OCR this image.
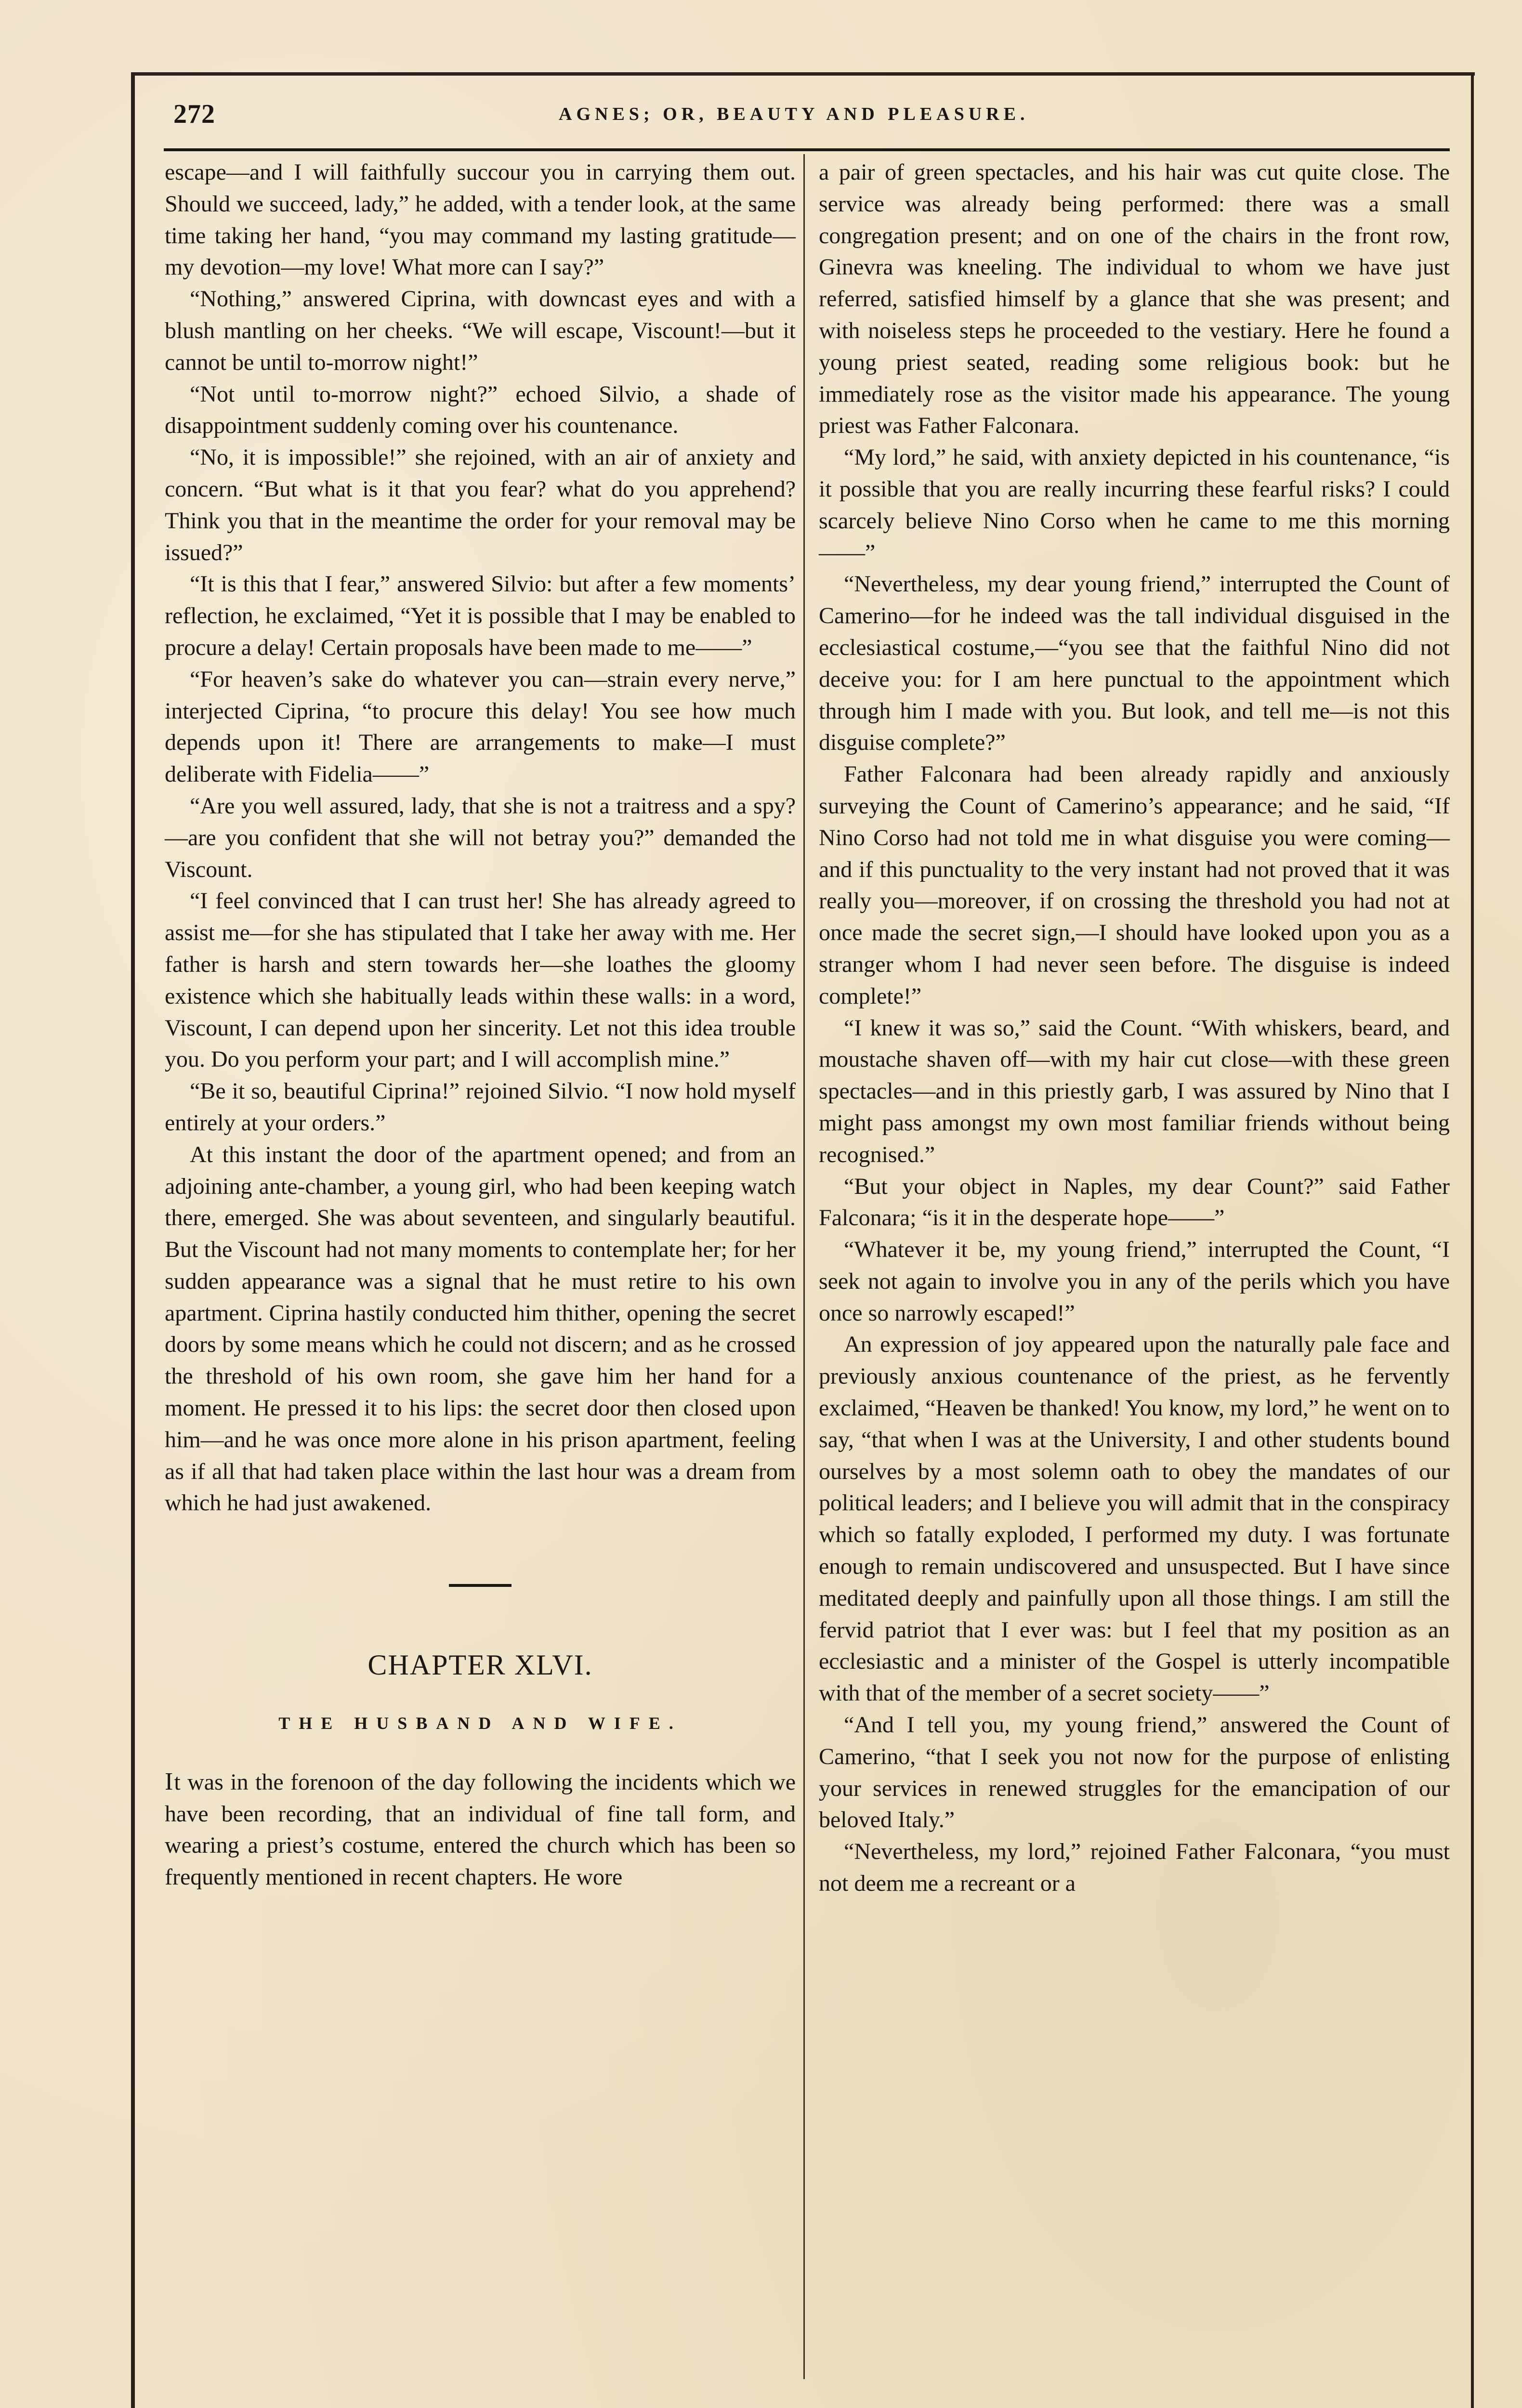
272	AGNES; OR, BEAUTY AND PLEASURE.

escape—and I will faithfully succour you in carrying them out. Should we succeed, lady,” he added, with a tender look, at the same time taking her hand, “you may command my lasting gratitude—my devotion—my love! What more can I say?”

“Nothing,” answered Ciprina, with downcast eyes and with a blush mantling on her cheeks. “We will escape, Viscount!—but it cannot be until to-morrow night!”

“Not until to-morrow night?” echoed Silvio, a shade of disappointment suddenly coming over his countenance.

“No, it is impossible!” she rejoined, with an air of anxiety and concern. “But what is it that you fear? what do you apprehend? Think you that in the meantime the order for your removal may be issued?”

“It is this that I fear,” answered Silvio: but after a few moments’ reflection, he exclaimed, “Yet it is possible that I may be enabled to procure a delay! Certain proposals have been made to me——”

“For heaven’s sake do whatever you can—strain every nerve,” interjected Ciprina, “to procure this delay! You see how much depends upon it! There are arrangements to make—I must deliberate with Fidelia——”

“Are you well assured, lady, that she is not a traitress and a spy?—are you confident that she will not betray you?” demanded the Viscount.

“I feel convinced that I can trust her! She has already agreed to assist me—for she has stipulated that I take her away with me. Her father is harsh and stern towards her—she loathes the gloomy existence which she habitually leads within these walls: in a word, Viscount, I can depend upon her sincerity. Let not this idea trouble you. Do you perform your part; and I will accomplish mine.”

“Be it so, beautiful Ciprina!” rejoined Silvio. “I now hold myself entirely at your orders.”

At this instant the door of the apartment opened; and from an adjoining ante-chamber, a young girl, who had been keeping watch there, emerged. She was about seventeen, and singularly beautiful. But the Viscount had not many moments to contemplate her; for her sudden appearance was a signal that he must retire to his own apartment. Ciprina hastily conducted him thither, opening the secret doors by some means which he could not discern; and as he crossed the threshold of his own room, she gave him her hand for a moment. He pressed it to his lips: the secret door then closed upon him—and he was once more alone in his prison apartment, feeling as if all that had taken place within the last hour was a dream from which he had just awakened.

CHAPTER XLVI.

THE HUSBAND AND WIFE.

It was in the forenoon of the day following the incidents which we have been recording, that an individual of fine tall form, and wearing a priest’s costume, entered the church which has been so frequently mentioned in recent chapters. He wore

a pair of green spectacles, and his hair was cut quite close. The service was already being performed: there was a small congregation present; and on one of the chairs in the front row, Ginevra was kneeling. The individual to whom we have just referred, satisfied himself by a glance that she was present; and with noiseless steps he proceeded to the vestiary. Here he found a young priest seated, reading some religious book: but he immediately rose as the visitor made his appearance. The young priest was Father Falconara.

“My lord,” he said, with anxiety depicted in his countenance, “is it possible that you are really incurring these fearful risks? I could scarcely believe Nino Corso when he came to me this morning——”

“Nevertheless, my dear young friend,” interrupted the Count of Camerino—for he indeed was the tall individual disguised in the ecclesiastical costume,—“you see that the faithful Nino did not deceive you: for I am here punctual to the appointment which through him I made with you. But look, and tell me—is not this disguise complete?”

Father Falconara had been already rapidly and anxiously surveying the Count of Camerino’s appearance; and he said, “If Nino Corso had not told me in what disguise you were coming—and if this punctuality to the very instant had not proved that it was really you—moreover, if on crossing the threshold you had not at once made the secret sign,—I should have looked upon you as a stranger whom I had never seen before. The disguise is indeed complete!”

“I knew it was so,” said the Count. “With whiskers, beard, and moustache shaven off—with my hair cut close—with these green spectacles—and in this priestly garb, I was assured by Nino that I might pass amongst my own most familiar friends without being recognised.”

“But your object in Naples, my dear Count?” said Father Falconara; “is it in the desperate hope——”

“Whatever it be, my young friend,” interrupted the Count, “I seek not again to involve you in any of the perils which you have once so narrowly escaped!”

An expression of joy appeared upon the naturally pale face and previously anxious countenance of the priest, as he fervently exclaimed, “Heaven be thanked! You know, my lord,” he went on to say, “that when I was at the University, I and other students bound ourselves by a most solemn oath to obey the mandates of our political leaders; and I believe you will admit that in the conspiracy which so fatally exploded, I performed my duty. I was fortunate enough to remain undiscovered and unsuspected. But I have since meditated deeply and painfully upon all those things. I am still the fervid patriot that I ever was: but I feel that my position as an ecclesiastic and a minister of the Gospel is utterly incompatible with that of the member of a secret society——”

“And I tell you, my young friend,” answered the Count of Camerino, “that I seek you not now for the purpose of enlisting your services in renewed struggles for the emancipation of our beloved Italy.”

“Nevertheless, my lord,” rejoined Father Falconara, “you must not deem me a recreant or a
